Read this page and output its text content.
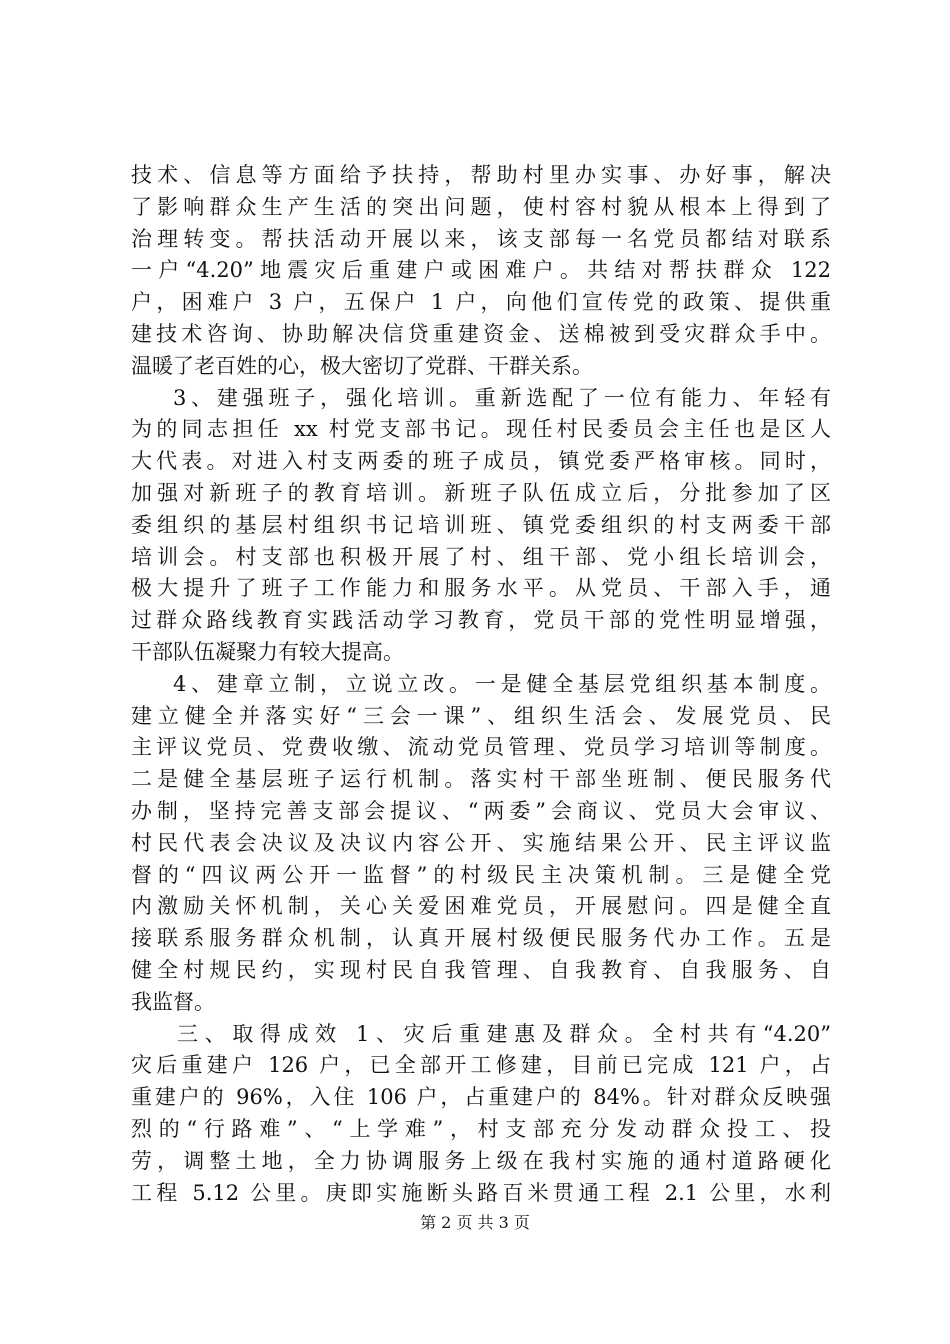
技术、信息等方面给予扶持，帮助村里办实事、办好事，解决
了影响群众生产生活的突出问题，使村容村貌从根本上得到了
治理转变。帮扶活动开展以来，该支部每一名党员都结对联系
一户“4.20”地震灾后重建户或困难户。共结对帮扶群众 122
户，困难户 3 户，五保户 1 户，向他们宣传党的政策、提供重
建技术咨询、协助解决信贷重建资金、送棉被到受灾群众手中。
温暖了老百姓的心，极大密切了党群、干群关系。
3、建强班子，强化培训。重新选配了一位有能力、年轻有
为的同志担任 xx 村党支部书记。现任村民委员会主任也是区人
大代表。对进入村支两委的班子成员，镇党委严格审核。同时，
加强对新班子的教育培训。新班子队伍成立后，分批参加了区
委组织的基层村组织书记培训班、镇党委组织的村支两委干部
培训会。村支部也积极开展了村、组干部、党小组长培训会，
极大提升了班子工作能力和服务水平。从党员、干部入手，通
过群众路线教育实践活动学习教育，党员干部的党性明显增强，
干部队伍凝聚力有较大提高。
4、建章立制，立说立改。一是健全基层党组织基本制度。
建立健全并落实好“三会一课”、组织生活会、发展党员、民
主评议党员、党费收缴、流动党员管理、党员学习培训等制度。
二是健全基层班子运行机制。落实村干部坐班制、便民服务代
办制，坚持完善支部会提议、“两委”会商议、党员大会审议、
村民代表会决议及决议内容公开、实施结果公开、民主评议监
督的“四议两公开一监督”的村级民主决策机制。三是健全党
内激励关怀机制，关心关爱困难党员，开展慰问。四是健全直
接联系服务群众机制，认真开展村级便民服务代办工作。五是
健全村规民约，实现村民自我管理、自我教育、自我服务、自
我监督。
三、取得成效 1、灾后重建惠及群众。全村共有“4.20”
灾后重建户 126 户，已全部开工修建，目前已完成 121 户，占
重建户的 96%，入住 106 户，占重建户的 84%。针对群众反映强
烈的“行路难”、“上学难”，村支部充分发动群众投工、投
劳，调整土地，全力协调服务上级在我村实施的通村道路硬化
工程 5.12 公里。庚即实施断头路百米贯通工程 2.1 公里，水利
第 2 页 共 3 页
